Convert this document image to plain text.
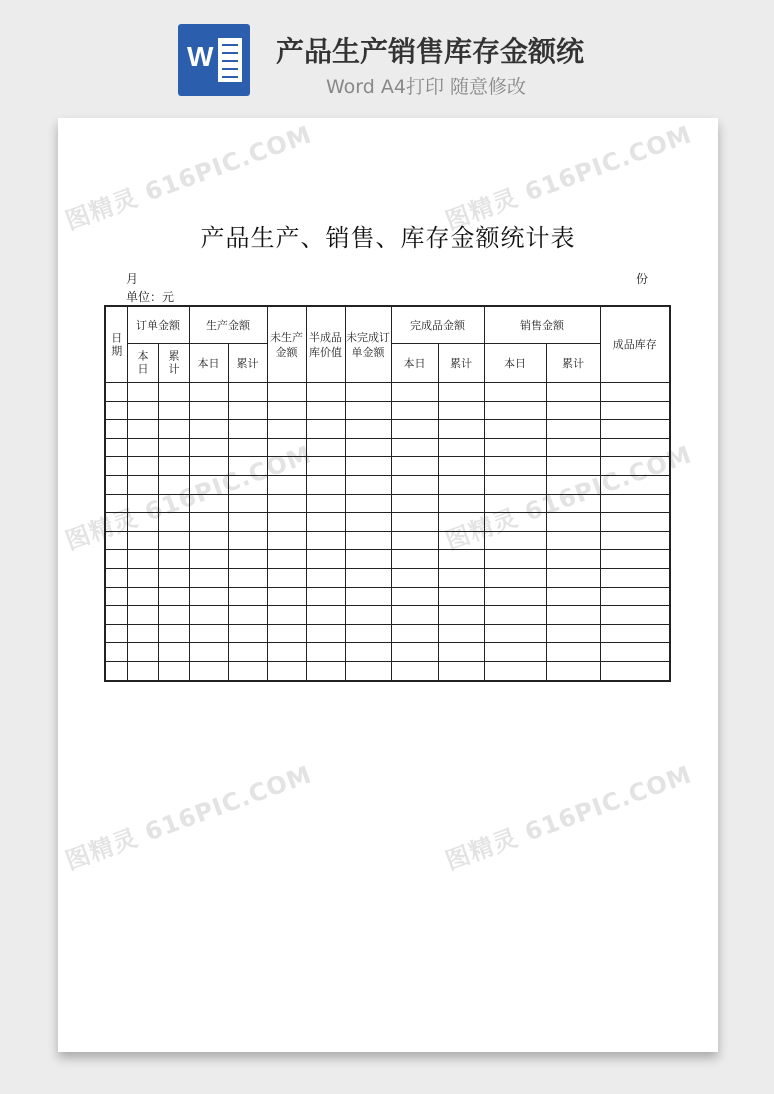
W 产品生产销售库存金额统
Word A4打印 随意修改
图精灵 616PIC.COM	图精灵 616PIC.COM
图精灵 616PIC.COM	图精灵 616PIC.COM
图精灵 616PIC.COM	图精灵 616PIC.COM
产品生产、销售、库存金额统计表
月	份
单位：元
日期	订单金额		生产金额		未生产金额	半成品库价值	未完成订单金额	完成品金额		销售金额		成品库存
	本日	累计	本日	累计				本日	累计	本日	累计	
